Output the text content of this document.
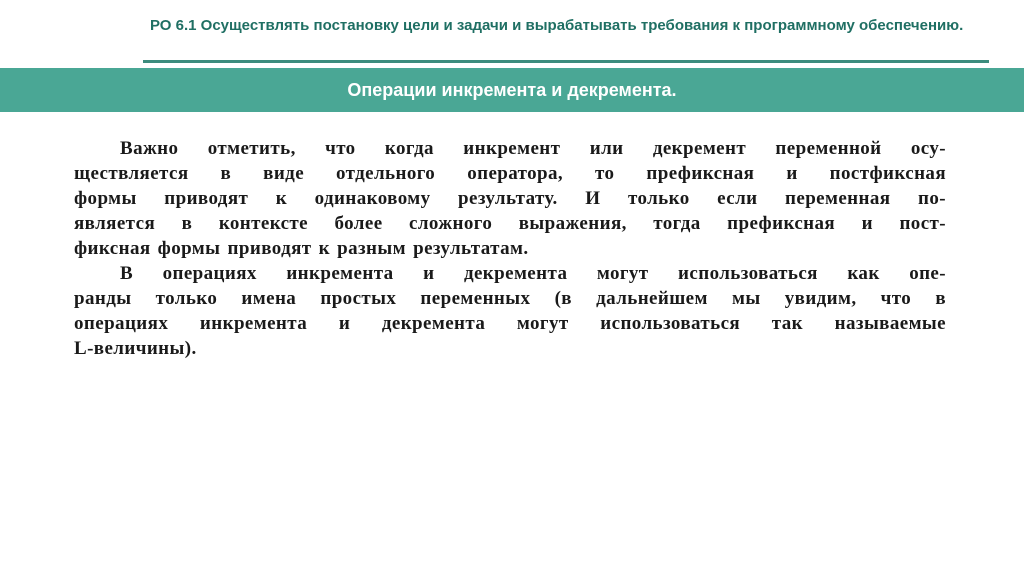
РО 6.1 Осуществлять постановку цели и задачи и вырабатывать требования к программному обеспечению.
Операции инкремента и декремента.
Важно отметить, что когда инкремент или декремент переменной осу-
ществляется в виде отдельного оператора, то префиксная и постфиксная
формы приводят к одинаковому результату. И только если переменная по-
является в контексте более сложного выражения, тогда префиксная и пост-
фиксная формы приводят к разным результатам.
В операциях инкремента и декремента могут использоваться как опе-
ранды только имена простых переменных (в дальнейшем мы увидим, что в
операциях инкремента и декремента могут использоваться так называемые
L-величины).
